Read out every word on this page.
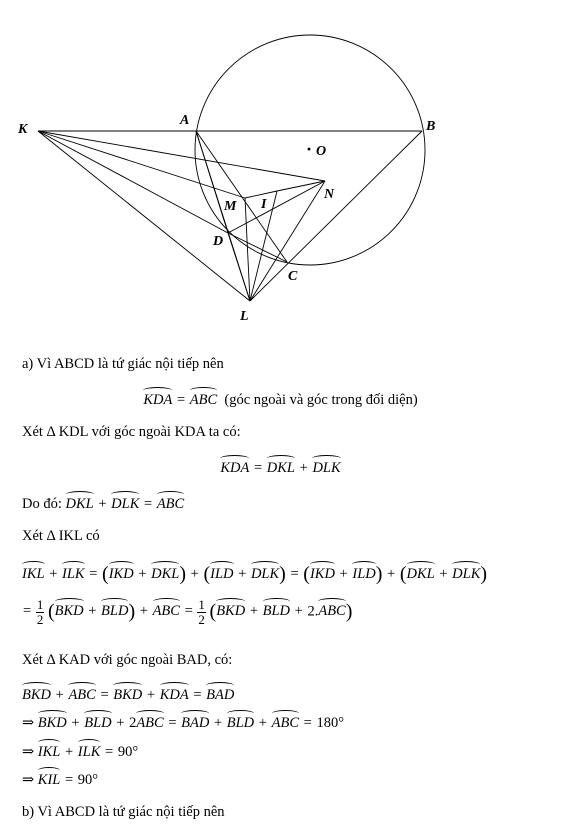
K
A	B
· O
N
M I
D
C
L
a) Vì ABCD là tứ giác nội tiếp nên
KDA = ABC (góc ngoài và góc trong đối diện)
Xét Δ KDL với góc ngoài KDA ta có:
KDA = DKL + DLK
Do đó: DKL + DLK = ABC
Xét Δ IKL có
IKL + ILK = (IKD + DKL) + (ILD + DLK) = (IKD + ILD) + (DKL + DLK)
= $\frac{1}{2} (BKD + BLD)$ + ABC = $\frac{1}{2} (BKD$ + BLD + 2.ABC)
Xét Δ KAD với góc ngoài BAD, có:
BKD + ABC = BKD + KDA = BAD
⇒ BKD + BLD + 2ABC = BAD + BLD + ABC = 180°
⇒ IKL + ILK = 90°
⇒ KIL = 90°
b) Vì ABCD là tứ giác nội tiếp nên
